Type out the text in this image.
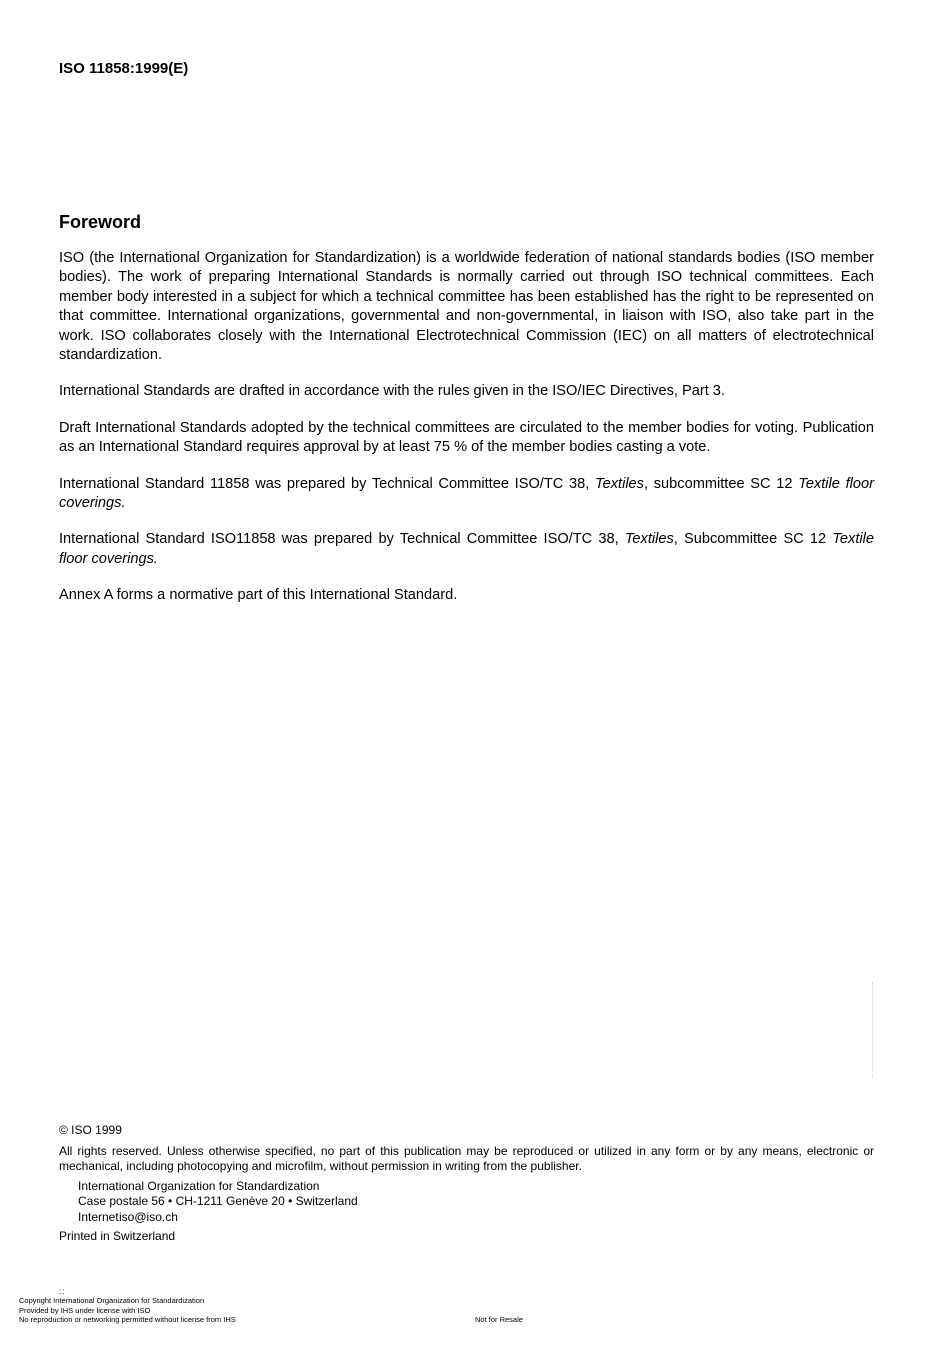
ISO 11858:1999(E)
Foreword

ISO (the International Organization for Standardization) is a worldwide federation of national standards bodies (ISO member bodies). The work of preparing International Standards is normally carried out through ISO technical committees. Each member body interested in a subject for which a technical committee has been established has the right to be represented on that committee. International organizations, governmental and non-governmental, in liaison with ISO, also take part in the work. ISO collaborates closely with the International Electrotechnical Commission (IEC) on all matters of electrotechnical standardization.

International Standards are drafted in accordance with the rules given in the ISO/IEC Directives, Part 3.

Draft International Standards adopted by the technical committees are circulated to the member bodies for voting. Publication as an International Standard requires approval by at least 75 % of the member bodies casting a vote.

International Standard 11858 was prepared by Technical Committee ISO/TC 38, Textiles, subcommittee SC 12 Textile floor coverings.

International Standard ISO11858 was prepared by Technical Committee ISO/TC 38, Textiles, Subcommittee SC 12 Textile floor coverings.

Annex A forms a normative part of this International Standard.

© ISO 1999
All rights reserved. Unless otherwise specified, no part of this publication may be reproduced or utilized in any form or by any means, electronic or mechanical, including photocopying and microfilm, without permission in writing from the publisher.
International Organization for Standardization
Case postale 56 • CH-1211 Genève 20 • Switzerland
Internetiso@iso.ch
Printed in Switzerland
::
Copyright International Organization for Standardization
Provided by IHS under license with ISO
No reproduction or networking permitted without license from IHS	Not for Resale
